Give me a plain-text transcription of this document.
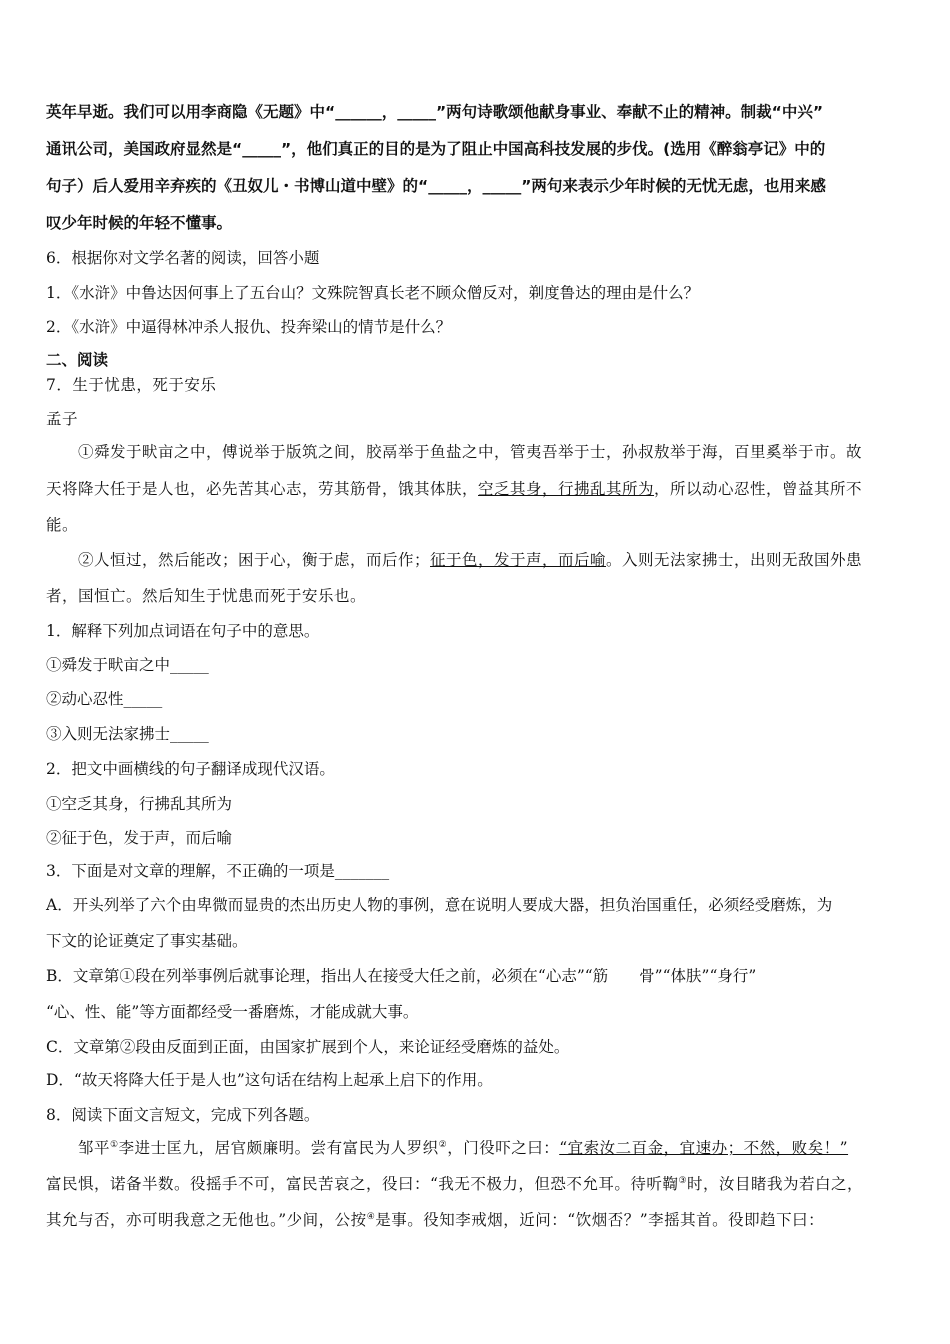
英年早逝。我们可以用李商隐《无题》中“______，_____”两句诗歌颂他献身事业、奉献不止的精神。制裁“中兴”
通讯公司，美国政府显然是“_____”，他们真正的目的是为了阻止中国高科技发展的步伐。(选用《醉翁亭记》中的
句子）后人爱用辛弃疾的《丑奴儿・书博山道中壁》的“_____，_____”两句来表示少年时候的无忧无虑，也用来感
叹少年时候的年轻不懂事。
6．根据你对文学名著的阅读，回答小题
1．《水浒》中鲁达因何事上了五台山？文殊院智真长老不顾众僧反对，剃度鲁达的理由是什么？
2．《水浒》中逼得林冲杀人报仇、投奔梁山的情节是什么？
二、阅读
7．生于忧患，死于安乐
孟子
①舜发于畎亩之中，傅说举于版筑之间，胶鬲举于鱼盐之中，管夷吾举于士，孙叔敖举于海，百里奚举于市。故
天将降大任于是人也，必先苦其心志，劳其筋骨，饿其体肤，空乏其身，行拂乱其所为，所以动心忍性，曾益其所不
能。
②人恒过，然后能改；困于心，衡于虑，而后作；征于色，发于声，而后喻。入则无法家拂士，出则无敌国外患
者，国恒亡。然后知生于忧患而死于安乐也。
1．解释下列加点词语在句子中的意思。
①舜发于畎亩之中_____
②动心忍性_____
③入则无法家拂士_____
2．把文中画横线的句子翻译成现代汉语。
①空乏其身，行拂乱其所为
②征于色，发于声，而后喻
3．下面是对文章的理解，不正确的一项是_______
A．开头列举了六个由卑微而显贵的杰出历史人物的事例，意在说明人要成大器，担负治国重任，必须经受磨炼，为
下文的论证奠定了事实基础。
B．文章第①段在列举事例后就事论理，指出人在接受大任之前，必须在“心志”“筋　　骨”“体肤”“身行”
“心、性、能”等方面都经受一番磨炼，才能成就大事。
C．文章第②段由反面到正面，由国家扩展到个人，来论证经受磨炼的益处。
D．“故天将降大任于是人也”这句话在结构上起承上启下的作用。
8．阅读下面文言短文，完成下列各题。
邹平①李进士匡九，居官颇廉明。尝有富民为人罗织②，门役吓之曰：“宜索汝二百金，宜速办；不然，败矣！”
富民惧，诺备半数。役摇手不可，富民苦哀之，役曰：“我无不极力，但恐不允耳。待听鞫③时，汝目睹我为若白之，
其允与否，亦可明我意之无他也。”少间，公按④是事。役知李戒烟，近问：“饮烟否？”李摇其首。役即趋下曰：
